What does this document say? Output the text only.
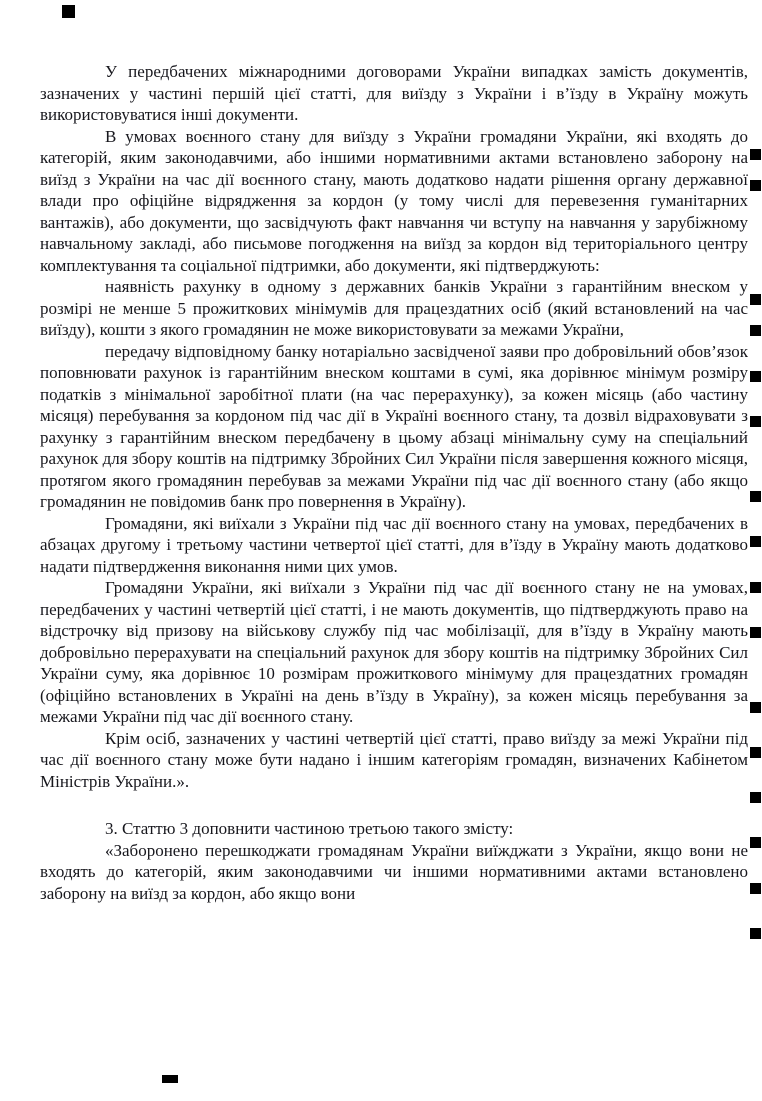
У передбачених міжнародними договорами України випадках замість документів, зазначених у частині першій цієї статті, для виїзду з України і в’їзду в Україну можуть використовуватися інші документи.

В умовах воєнного стану для виїзду з України громадяни України, які входять до категорій, яким законодавчими, або іншими нормативними актами встановлено заборону на виїзд з України на час дії воєнного стану, мають додатково надати рішення органу державної влади про офіційне відрядження за кордон (у тому числі для перевезення гуманітарних вантажів), або документи, що засвідчують факт навчання чи вступу на навчання у зарубіжному навчальному закладі, або письмове погодження на виїзд за кордон від територіального центру комплектування та соціальної підтримки, або документи, які підтверджують:

наявність рахунку в одному з державних банків України з гарантійним внеском у розмірі не менше 5 прожиткових мінімумів для працездатних осіб (який встановлений на час виїзду), кошти з якого громадянин не може використовувати за межами України,

передачу відповідному банку нотаріально засвідченої заяви про добровільний обов’язок поповнювати рахунок із гарантійним внеском коштами в сумі, яка дорівнює мінімум розміру податків з мінімальної заробітної плати (на час перерахунку), за кожен місяць (або частину місяця) перебування за кордоном під час дії в Україні воєнного стану, та дозвіл відраховувати з рахунку з гарантійним внеском передбачену в цьому абзаці мінімальну суму на спеціальний рахунок для збору коштів на підтримку Збройних Сил України після завершення кожного місяця, протягом якого громадянин перебував за межами України під час дії воєнного стану (або якщо громадянин не повідомив банк про повернення в Україну).

Громадяни, які виїхали з України під час дії воєнного стану на умовах, передбачених в абзацах другому і третьому частини четвертої цієї статті, для в’їзду в Україну мають додатково надати підтвердження виконання ними цих умов.

Громадяни України, які виїхали з України під час дії воєнного стану не на умовах, передбачених у частині четвертій цієї статті, і не мають документів, що підтверджують право на відстрочку від призову на військову службу під час мобілізації, для в’їзду в Україну мають добровільно перерахувати на спеціальний рахунок для збору коштів на підтримку Збройних Сил України суму, яка дорівнює 10 розмірам прожиткового мінімуму для працездатних громадян (офіційно встановлених в Україні на день в’їзду в Україну), за кожен місяць перебування за межами України під час дії воєнного стану.

Крім осіб, зазначених у частині четвертій цієї статті, право виїзду за межі України під час дії воєнного стану може бути надано і іншим категоріям громадян, визначених Кабінетом Міністрів України.».

3. Статтю 3 доповнити частиною третьою такого змісту:

«Заборонено перешкоджати громадянам України виїжджати з України, якщо вони не входять до категорій, яким законодавчими чи іншими нормативними актами встановлено заборону на виїзд за кордон, або якщо вони
